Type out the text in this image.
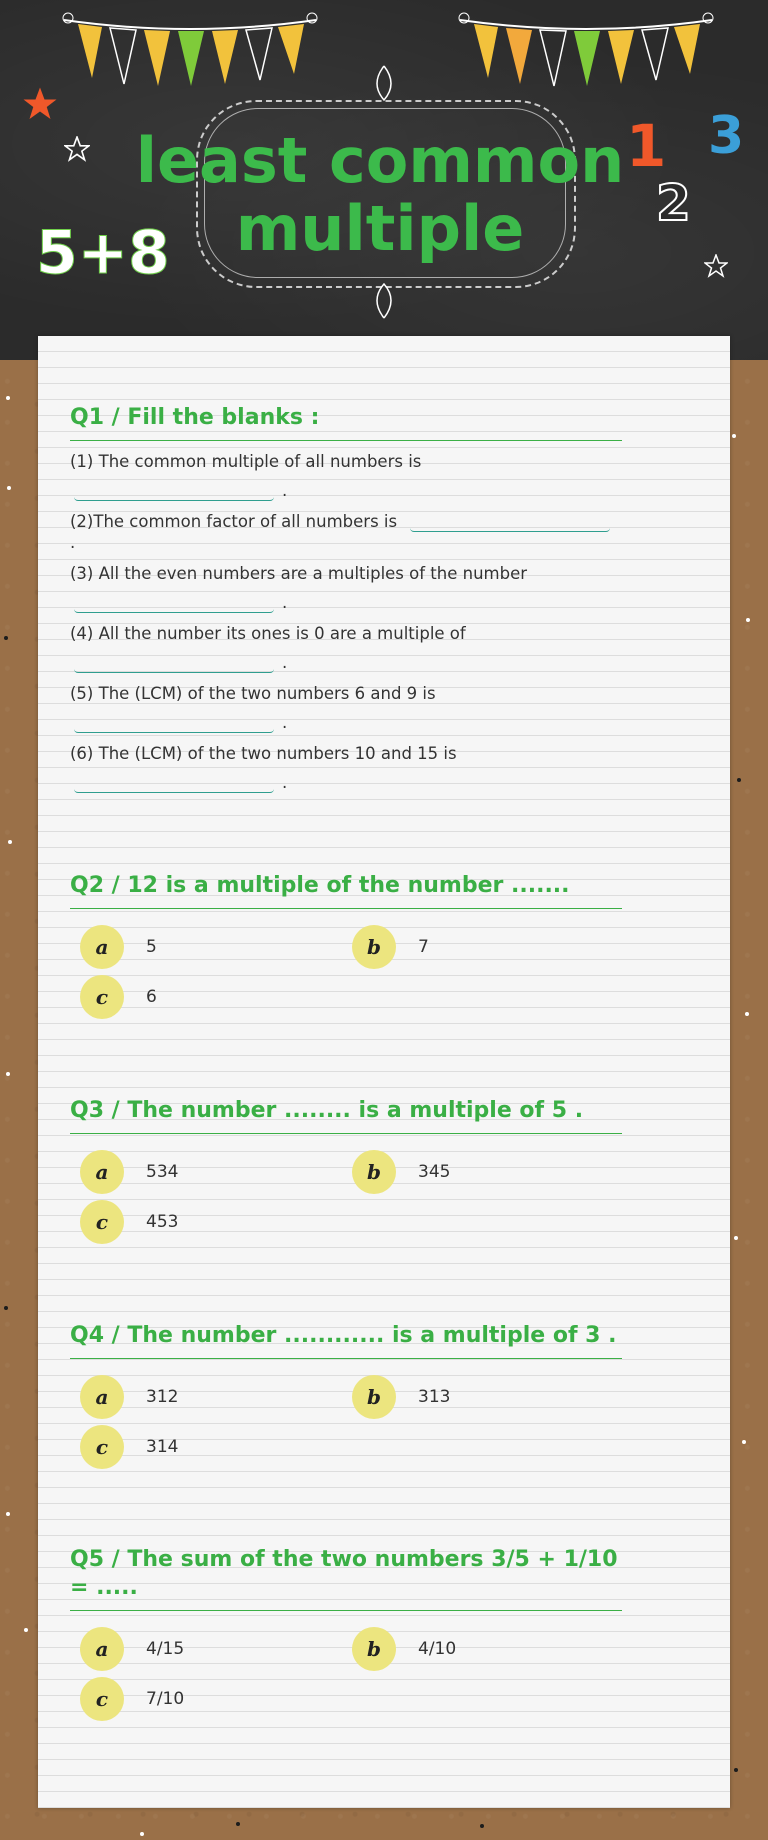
least common
multiple
5+8
1
2
3
Q1 / Fill the blanks :
(1) The common multiple of all numbers is
.
(2)The common factor of all numbers is .
(3) All the even numbers are a multiples of the number
.
(4) All the number its ones is 0 are a multiple of
.
(5) The (LCM) of the two numbers 6 and 9 is
.
(6) The (LCM) of the two numbers 10 and 15 is
.
Q2 / 12 is a multiple of the number .......
a	5	b	7
c	6
Q3 / The number ........ is a multiple of 5 .
a	534	b	345
c	453
Q4 / The number ............ is a multiple of 3 .
a	312	b	313
c	314
Q5 / The sum of the two numbers 3/5 + 1/10 = .....
a	4/15	b	4/10
c	7/10
